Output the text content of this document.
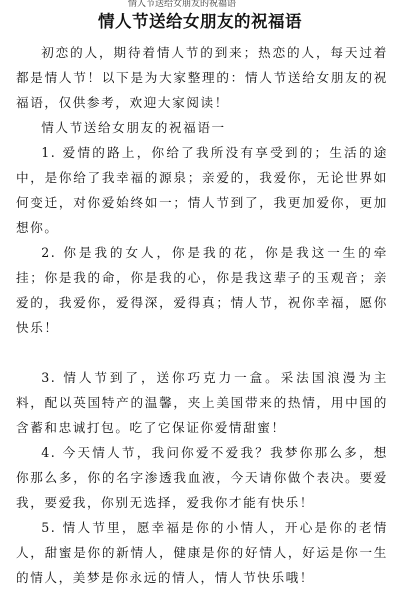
情人节送给女朋友的祝福语
情人节送给女朋友的祝福语

初恋的人，期待着情人节的到来；热恋的人，每天过着都是情人节！以下是为大家整理的：情人节送给女朋友的祝福语，仅供参考，欢迎大家阅读！

情人节送给女朋友的祝福语一

1. 爱情的路上，你给了我所没有享受到的；生活的途中，是你给了我幸福的源泉；亲爱的，我爱你，无论世界如何变迁，对你爱始终如一；情人节到了，我更加爱你，更加想你。

2. 你是我的女人，你是我的花，你是我这一生的牵挂；你是我的命，你是我的心，你是我这辈子的玉观音；亲爱的，我爱你，爱得深，爱得真；情人节，祝你幸福，愿你快乐！

3. 情人节到了，送你巧克力一盒。采法国浪漫为主料，配以英国特产的温馨，夹上美国带来的热情，用中国的含蓄和忠诚打包。吃了它保证你爱情甜蜜！

4. 今天情人节，我问你爱不爱我？我梦你那么多，想你那么多，你的名字渗透我血液，今天请你做个表决。要爱我，要爱我，你别无选择，爱我你才能有快乐！

5. 情人节里，愿幸福是你的小情人，开心是你的老情人，甜蜜是你的新情人，健康是你的好情人，好运是你一生的情人，美梦是你永远的情人，情人节快乐哦！
